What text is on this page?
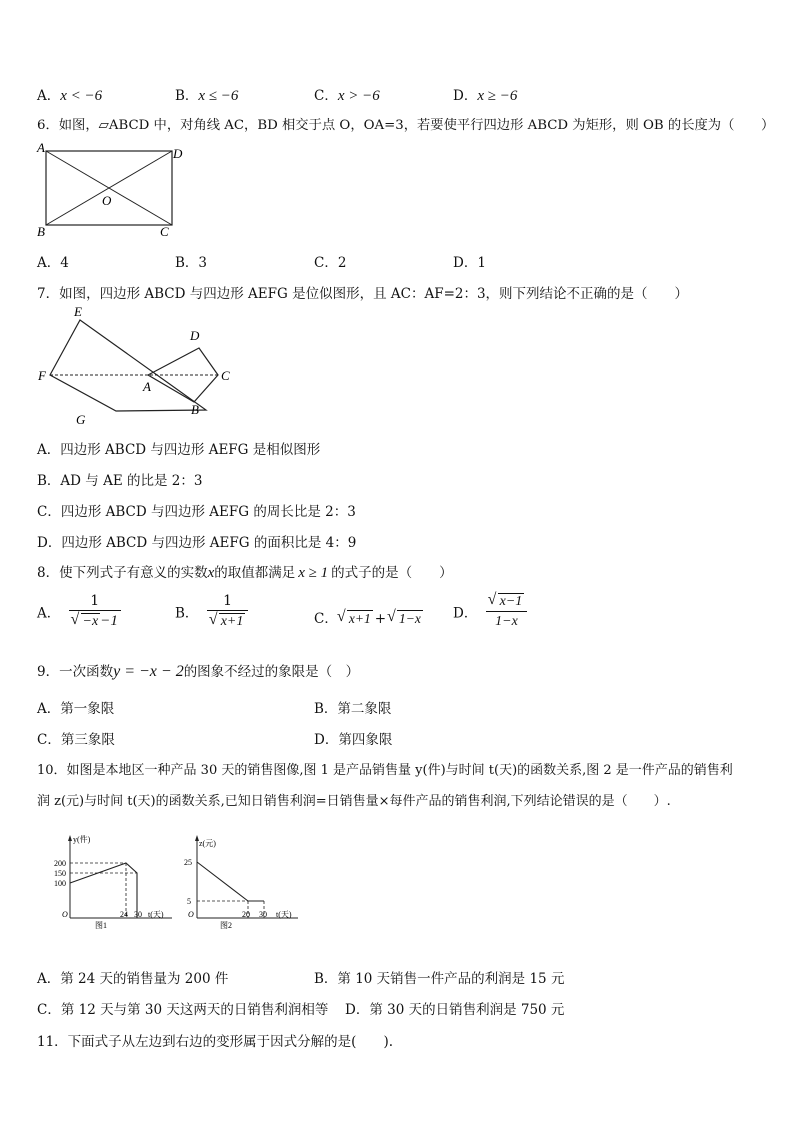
A．x < −6	B．x ≤ −6	C．x > −6	D．x ≥ −6
6．如图，▱ABCD 中，对角线 AC，BD 相交于点 O，OA=3，若要使平行四边形 ABCD 为矩形，则 OB 的长度为（　　）
A	D
B	C
O
A．4	B．3	C．2	D．1
7．如图，四边形 ABCD 与四边形 AEFG 是位似图形，且 AC：AF=2：3，则下列结论不正确的是（　　）
E
D
F
A
C
G
B
A．四边形 ABCD 与四边形 AEFG 是相似图形
B．AD 与 AE 的比是 2：3
C．四边形 ABCD 与四边形 AEFG 的周长比是 2：3
D．四边形 ABCD 与四边形 AEFG 的面积比是 4：9
8．使下列式子有意义的实数x的取值都满足 x ≥ 1 的式子的是（　　）
A． 1
√ −x −1	B． 1
√ x+1	C． √ x+1 + √ 1−x D． √ $\frac{x-1}{1-x}$
9．一次函数y = −x − 2的图象不经过的象限是（　）
A．第一象限	B．第二象限
C．第三象限	D．第四象限
10．如图是本地区一种产品 30 天的销售图像,图 1 是产品销售量 y(件)与时间 t(天)的函数关系,图 2 是一件产品的销售利
润 z(元)与时间 t(天)的函数关系,已知日销售利润=日销售量×每件产品的销售利润,下列结论错误的是（　　）.
y(件)
200
150
100
O	24 30 t(天)
图1
z(元)
25
5
O	20 30 t(天)
图2
A．第 24 天的销售量为 200 件	B．第 10 天销售一件产品的利润是 15 元
C．第 12 天与第 30 天这两天的日销售利润相等 D．第 30 天的日销售利润是 750 元
11．下面式子从左边到右边的变形属于因式分解的是(　　).
